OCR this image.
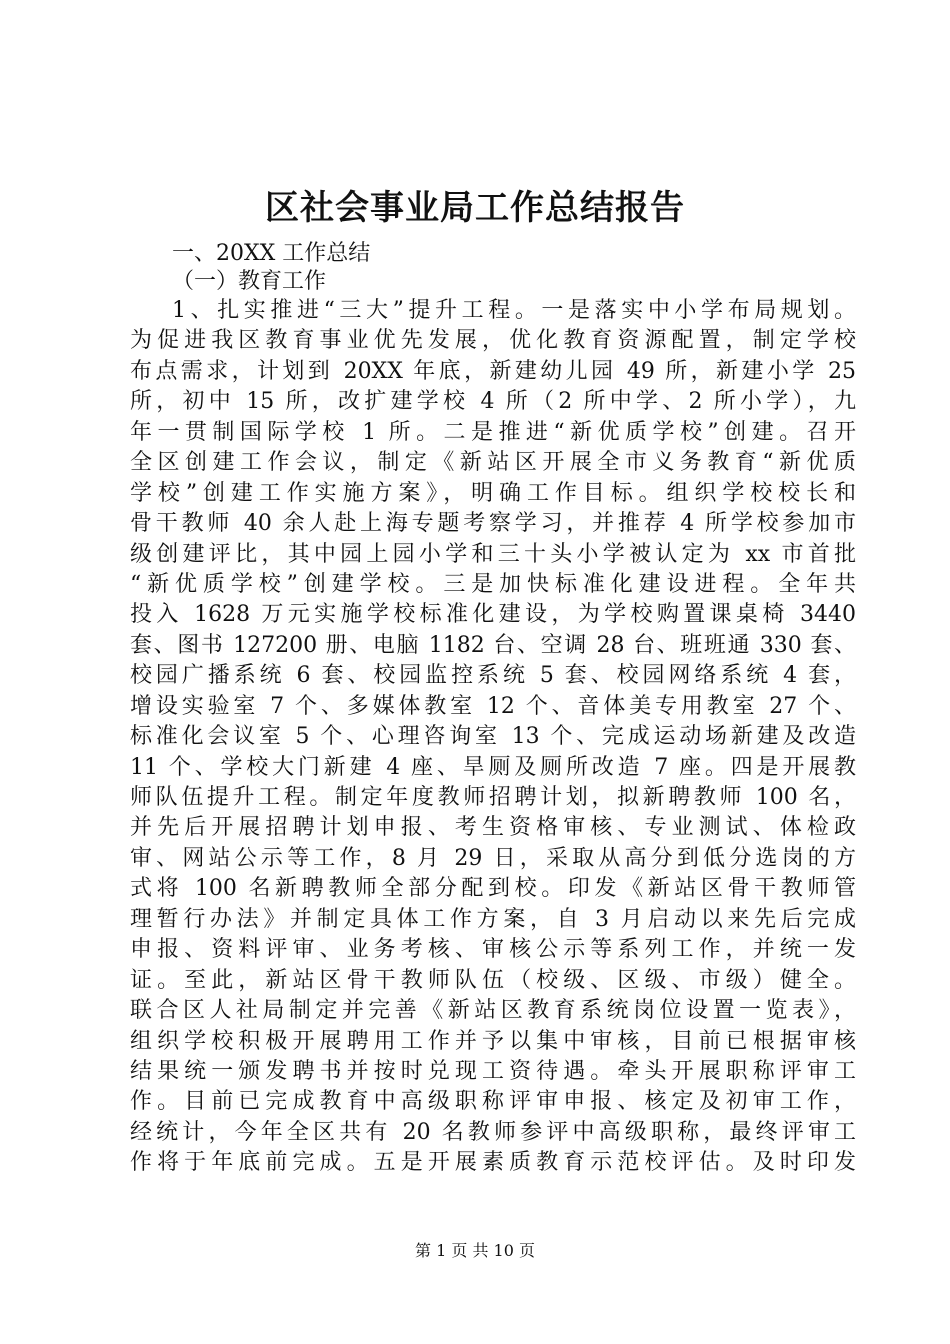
区社会事业局工作总结报告
一、20XX 工作总结
（一）教育工作
1、扎实推进“三大”提升工程。一是落实中小学布局规划。
为促进我区教育事业优先发展，优化教育资源配置，制定学校
布点需求，计划到 20XX 年底，新建幼儿园 49 所，新建小学 25
所，初中 15 所，改扩建学校 4 所（2 所中学、2 所小学），九
年一贯制国际学校 1 所。二是推进“新优质学校”创建。召开
全区创建工作会议，制定《新站区开展全市义务教育“新优质
学校”创建工作实施方案》，明确工作目标。组织学校校长和
骨干教师 40 余人赴上海专题考察学习，并推荐 4 所学校参加市
级创建评比，其中园上园小学和三十头小学被认定为 xx 市首批
“新优质学校”创建学校。三是加快标准化建设进程。全年共
投入 1628 万元实施学校标准化建设，为学校购置课桌椅 3440
套、图书 127200 册、电脑 1182 台、空调 28 台、班班通 330 套、
校园广播系统 6 套、校园监控系统 5 套、校园网络系统 4 套，
增设实验室 7 个、多媒体教室 12 个、音体美专用教室 27 个、
标准化会议室 5 个、心理咨询室 13 个、完成运动场新建及改造
11 个、学校大门新建 4 座、旱厕及厕所改造 7 座。四是开展教
师队伍提升工程。制定年度教师招聘计划，拟新聘教师 100 名，
并先后开展招聘计划申报、考生资格审核、专业测试、体检政
审、网站公示等工作，8 月 29 日，采取从高分到低分选岗的方
式将 100 名新聘教师全部分配到校。印发《新站区骨干教师管
理暂行办法》并制定具体工作方案，自 3 月启动以来先后完成
申报、资料评审、业务考核、审核公示等系列工作，并统一发
证。至此，新站区骨干教师队伍（校级、区级、市级）健全。
联合区人社局制定并完善《新站区教育系统岗位设置一览表》，
组织学校积极开展聘用工作并予以集中审核，目前已根据审核
结果统一颁发聘书并按时兑现工资待遇。牵头开展职称评审工
作。目前已完成教育中高级职称评审申报、核定及初审工作，
经统计，今年全区共有 20 名教师参评中高级职称，最终评审工
作将于年底前完成。五是开展素质教育示范校评估。及时印发
第 1 页 共 10 页
